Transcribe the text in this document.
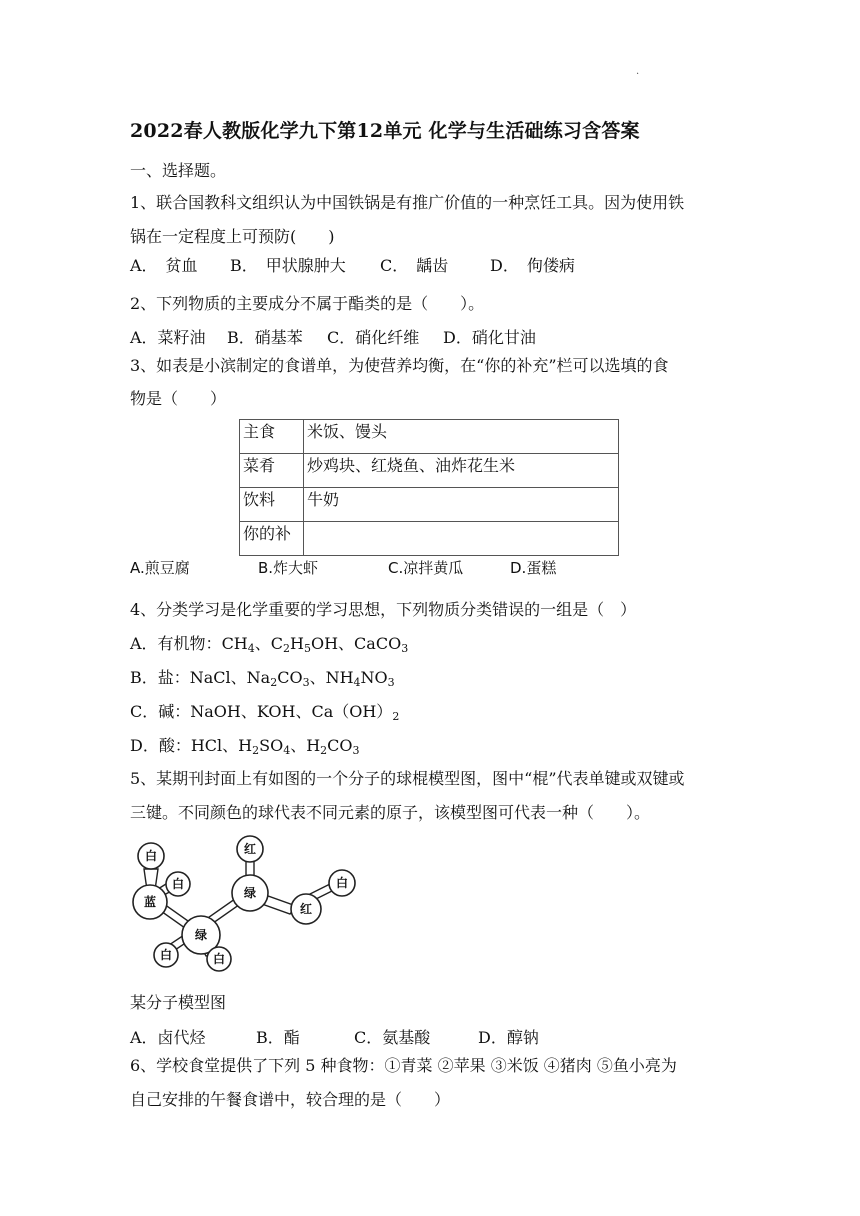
.
2022春人教版化学九下第12单元 化学与生活础练习含答案
一、选择题。
1、联合国教科文组织认为中国铁锅是有推广价值的一种烹饪工具。因为使用铁
锅在一定程度上可预防(　　)
A．　贫血 B．　甲状腺肿大 C．　龋齿	D．　佝偻病
2、下列物质的主要成分不属于酯类的是（　　）。
A．菜籽油 B．硝基苯 C．硝化纤维 D．硝化甘油
3、如表是小滨制定的食谱单，为使营养均衡，在“你的补充”栏可以选填的食
物是（　　）
主食	米饭、馒头
菜肴	炒鸡块、红烧鱼、油炸花生米
饮料	牛奶
你的补	
A.煎豆腐	B.炸大虾	C.凉拌黄瓜	D.蛋糕
4、分类学习是化学重要的学习思想，下列物质分类错误的一组是（　）
A．有机物：$CH_4$、$C_2H_5OH$、CaCO$_3$
B．盐：NaCl、$Na_2CO_3$、$NH_4NO_3$
C．碱：NaOH、KOH、$Ca(OH)_2$
D．酸：HCl、$H_2SO_4$、$H_2CO_3$
5、某期刊封面上有如图的一个分子的球棍模型图，图中“棍”代表单键或双键或
三键。不同颜色的球代表不同元素的原子，该模型图可代表一种（　　）。
白
白
蓝
绿
白	白
绿
红
红
白
某分子模型图
A．卤代烃	B．酯	C．氨基酸	D．醇钠
6、学校食堂提供了下列 5 种食物：①青菜 ②苹果 ③米饭 ④猪肉 ⑤鱼小亮为
自己安排的午餐食谱中，较合理的是（　　）
